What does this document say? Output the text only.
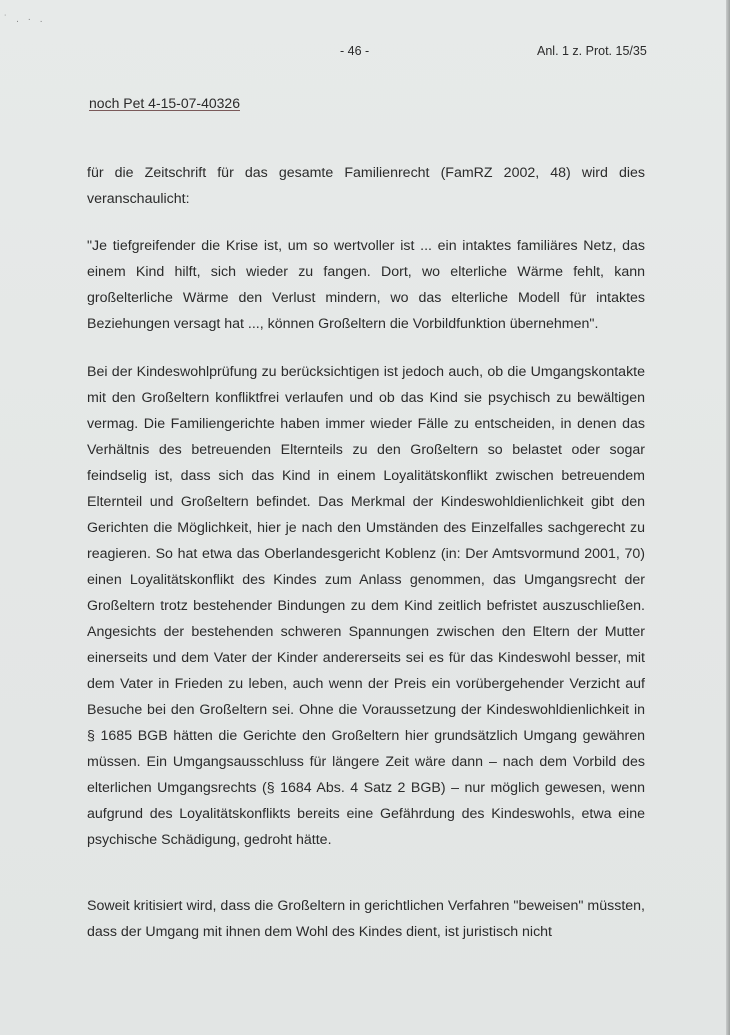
˙ . · .
- 46 -	Anl. 1 z. Prot. 15/35
noch Pet 4-15-07-40326

für die Zeitschrift für das gesamte Familienrecht (FamRZ 2002, 48) wird dies veranschaulicht:

"Je tiefgreifender die Krise ist, um so wertvoller ist ... ein intaktes familiäres Netz, das einem Kind hilft, sich wieder zu fangen. Dort, wo elterliche Wärme fehlt, kann großelterliche Wärme den Verlust mindern, wo das elterliche Modell für intaktes Beziehungen versagt hat ..., können Großeltern die Vorbildfunktion übernehmen".

Bei der Kindeswohlprüfung zu berücksichtigen ist jedoch auch, ob die Umgangskontakte mit den Großeltern konfliktfrei verlaufen und ob das Kind sie psychisch zu bewältigen vermag. Die Familiengerichte haben immer wieder Fälle zu entscheiden, in denen das Verhältnis des betreuenden Elternteils zu den Großeltern so belastet oder sogar feindselig ist, dass sich das Kind in einem Loyalitätskonflikt zwischen betreuendem Elternteil und Großeltern befindet. Das Merkmal der Kindeswohldienlichkeit gibt den Gerichten die Möglichkeit, hier je nach den Umständen des Einzelfalles sachgerecht zu reagieren. So hat etwa das Oberlandesgericht Koblenz (in: Der Amtsvormund 2001, 70) einen Loyalitätskonflikt des Kindes zum Anlass genommen, das Umgangsrecht der Großeltern trotz bestehender Bindungen zu dem Kind zeitlich befristet auszuschließen. Angesichts der bestehenden schweren Spannungen zwischen den Eltern der Mutter einerseits und dem Vater der Kinder andererseits sei es für das Kindeswohl besser, mit dem Vater in Frieden zu leben, auch wenn der Preis ein vorübergehender Verzicht auf Besuche bei den Großeltern sei. Ohne die Voraussetzung der Kindeswohldienlichkeit in § 1685 BGB hätten die Gerichte den Großeltern hier grundsätzlich Umgang gewähren müssen. Ein Umgangsausschluss für längere Zeit wäre dann – nach dem Vorbild des elterlichen Umgangsrechts (§ 1684 Abs. 4 Satz 2 BGB) – nur möglich gewesen, wenn aufgrund des Loyalitätskonflikts bereits eine Gefährdung des Kindeswohls, etwa eine psychische Schädigung, gedroht hätte.

Soweit kritisiert wird, dass die Großeltern in gerichtlichen Verfahren "beweisen" müssten, dass der Umgang mit ihnen dem Wohl des Kindes dient, ist juristisch nicht
